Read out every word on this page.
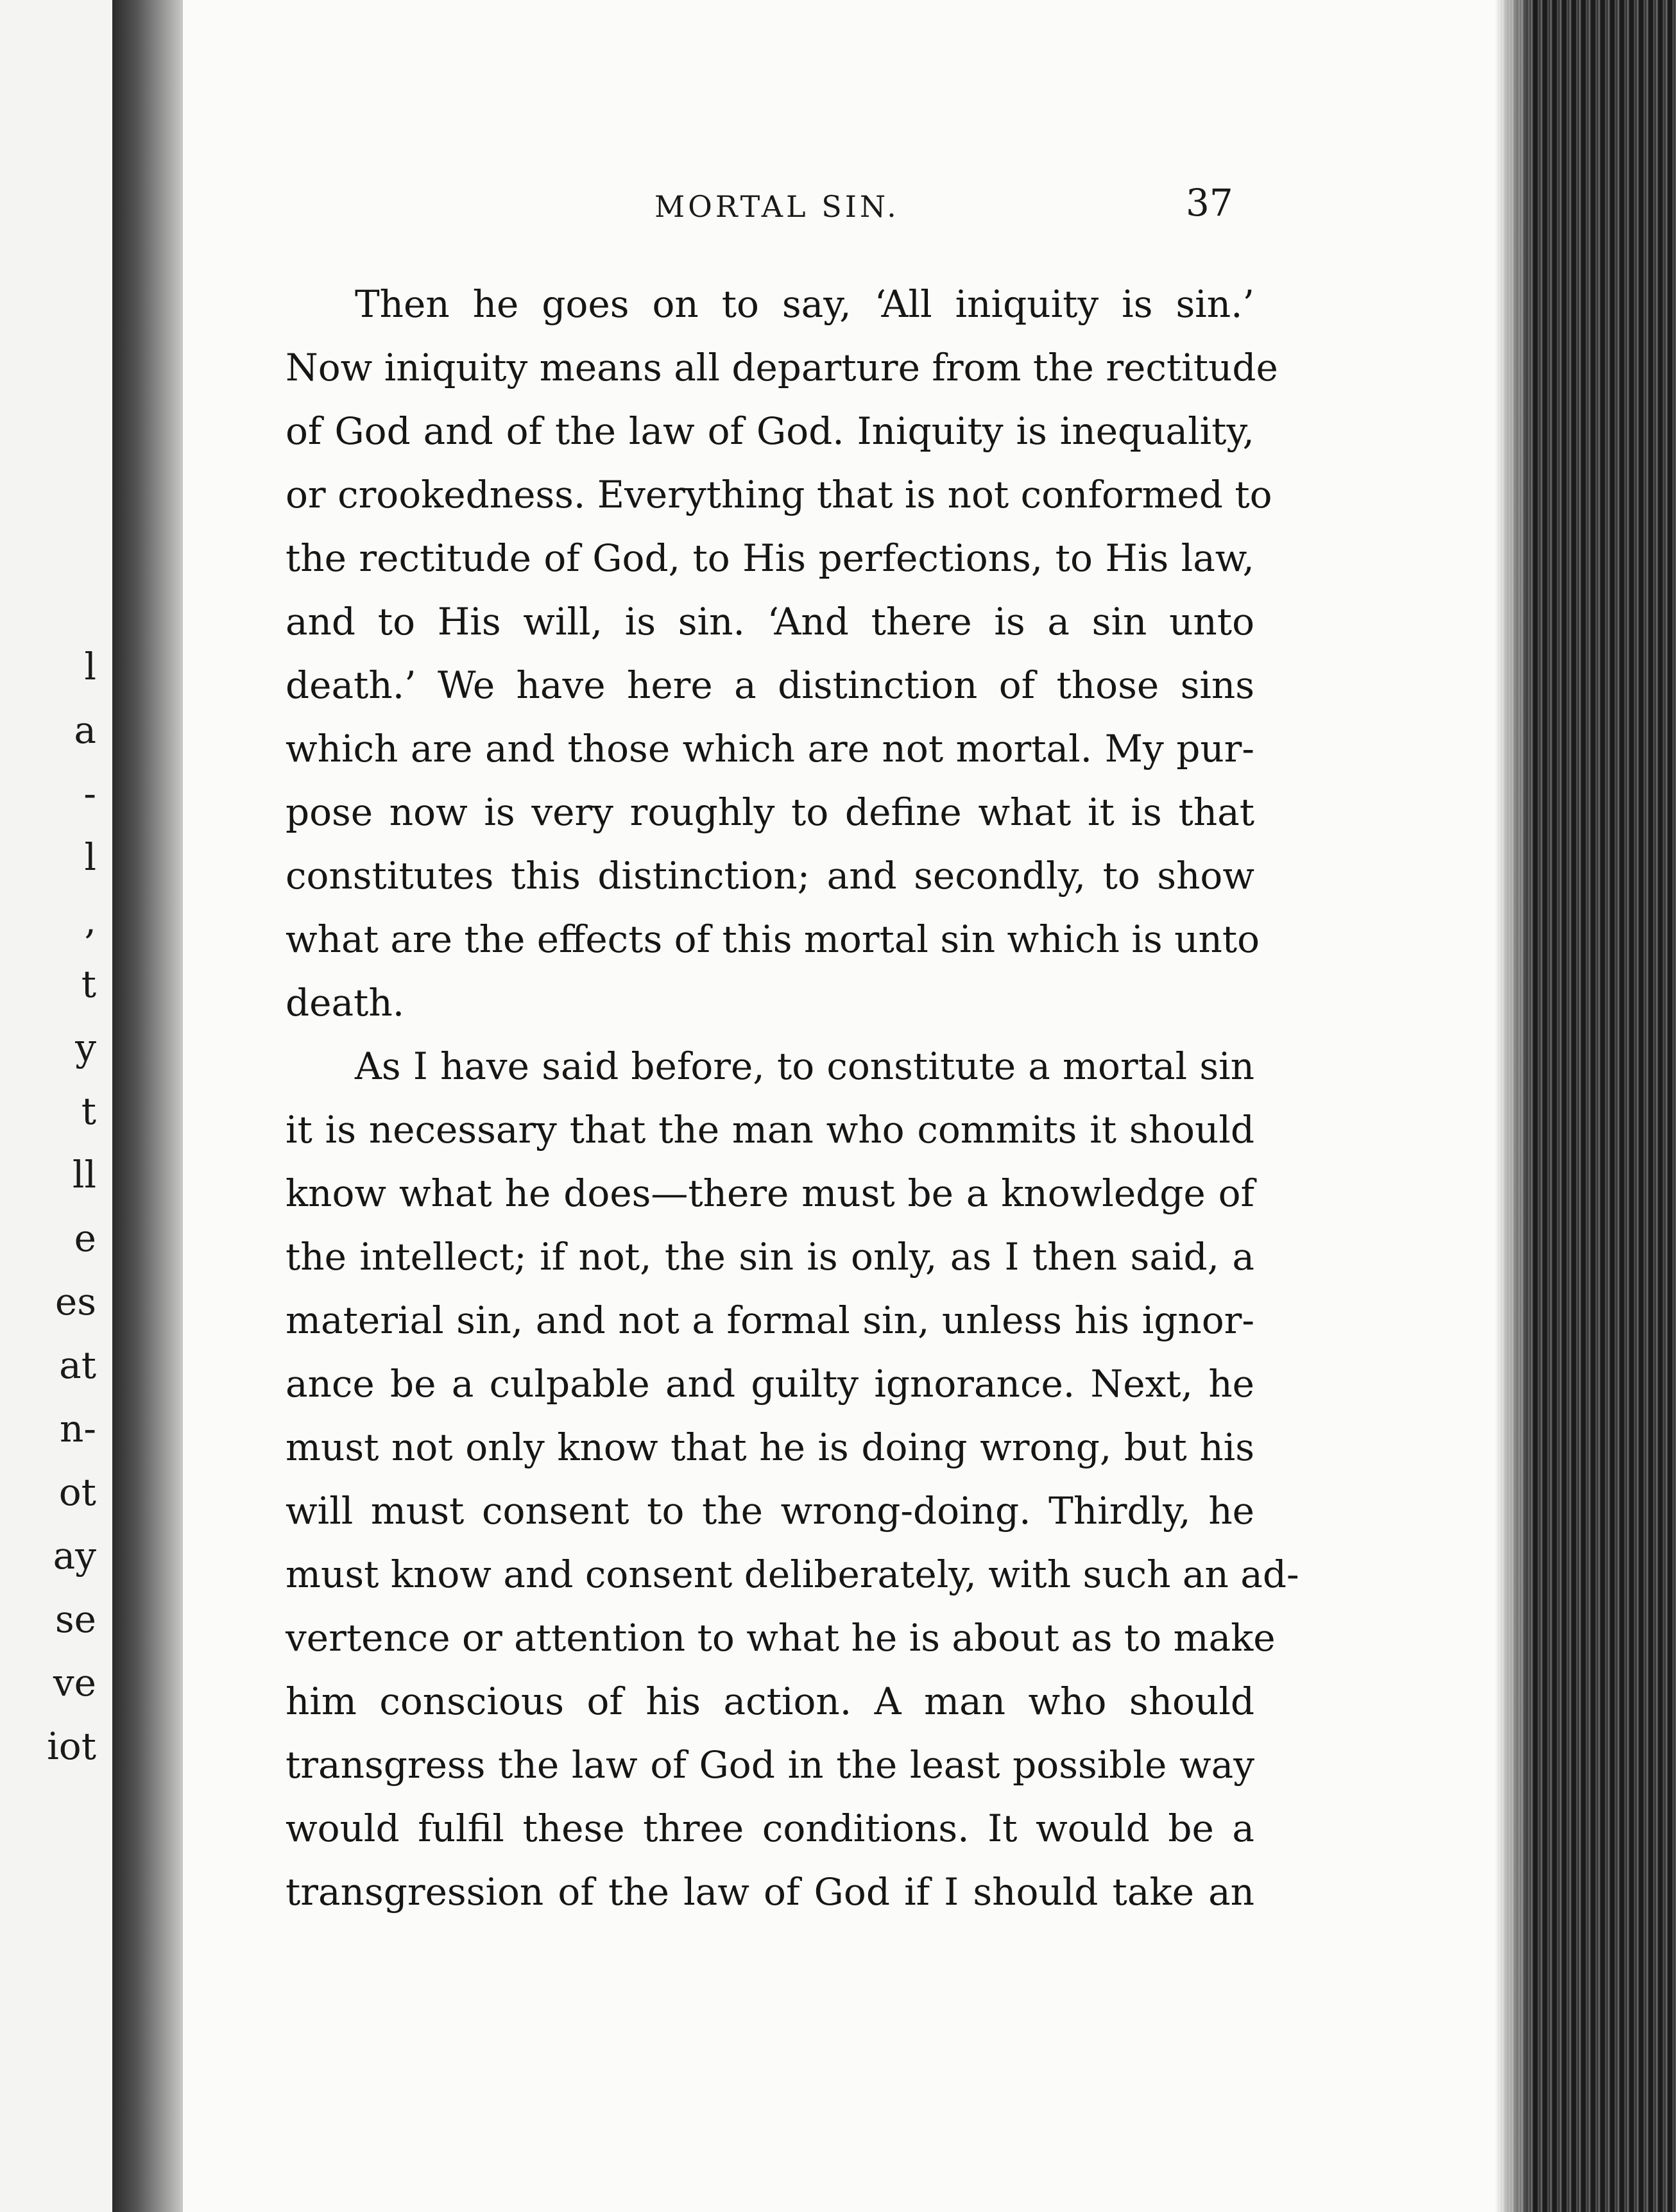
l
a
-
l
,
t
y
t
ll
e
es
at
n-
ot
ay
se
ve
iot
MORTAL SIN.	37
Then he goes on to say, ‘All iniquity is sin.’
Now iniquity means all departure from the rectitude
of God and of the law of God. Iniquity is inequality,
or crookedness. Everything that is not conformed to
the rectitude of God, to His perfections, to His law,
and to His will, is sin. ‘And there is a sin unto
death.’ We have here a distinction of those sins
which are and those which are not mortal. My pur-
pose now is very roughly to define what it is that
constitutes this distinction; and secondly, to show
what are the effects of this mortal sin which is unto
death.
As I have said before, to constitute a mortal sin
it is necessary that the man who commits it should
know what he does—there must be a knowledge of
the intellect; if not, the sin is only, as I then said, a
material sin, and not a formal sin, unless his ignor-
ance be a culpable and guilty ignorance. Next, he
must not only know that he is doing wrong, but his
will must consent to the wrong-doing. Thirdly, he
must know and consent deliberately, with such an ad-
vertence or attention to what he is about as to make
him conscious of his action. A man who should
transgress the law of God in the least possible way
would fulfil these three conditions. It would be a
transgression of the law of God if I should take an
